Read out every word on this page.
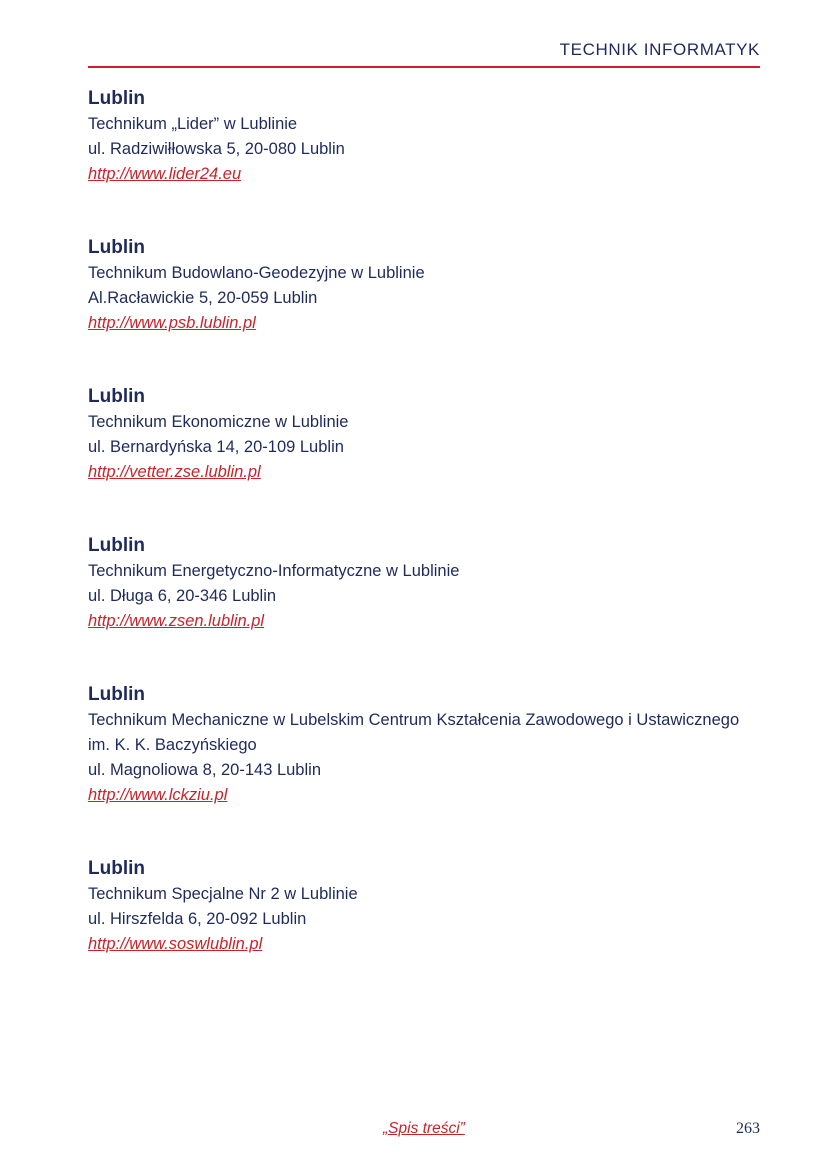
TECHNIK INFORMATYK
Lublin
Technikum „Lider” w Lublinie
ul. Radziwiłłowska 5, 20-080 Lublin
http://www.lider24.eu
Lublin
Technikum Budowlano-Geodezyjne w Lublinie
Al.Racławickie 5, 20-059 Lublin
http://www.psb.lublin.pl
Lublin
Technikum Ekonomiczne w Lublinie
ul. Bernardyńska 14, 20-109 Lublin
http://vetter.zse.lublin.pl
Lublin
Technikum Energetyczno-Informatyczne w Lublinie
ul. Długa 6, 20-346 Lublin
http://www.zsen.lublin.pl
Lublin
Technikum Mechaniczne w Lubelskim Centrum Kształcenia Zawodowego i Ustawicznego
im. K. K. Baczyńskiego
ul. Magnoliowa 8, 20-143 Lublin
http://www.lckziu.pl
Lublin
Technikum Specjalne Nr 2 w Lublinie
ul. Hirszfelda 6, 20-092 Lublin
http://www.soswlublin.pl
„Spis treści”	263
